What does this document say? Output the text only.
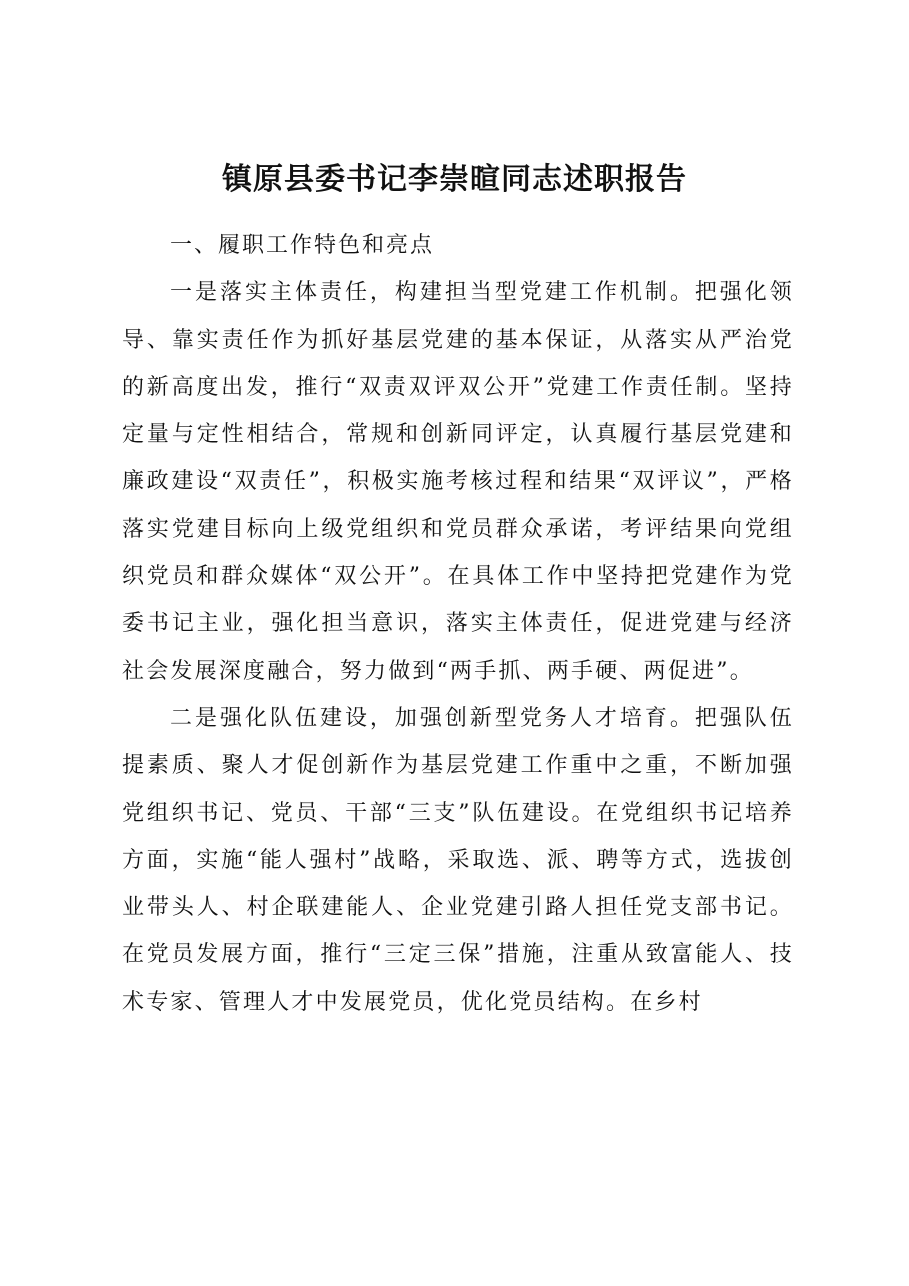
镇原县委书记李崇暄同志述职报告

一、履职工作特色和亮点

一是落实主体责任，构建担当型党建工作机制。把强化领导、靠实责任作为抓好基层党建的基本保证，从落实从严治党的新高度出发，推行“双责双评双公开”党建工作责任制。坚持定量与定性相结合，常规和创新同评定，认真履行基层党建和廉政建设“双责任”，积极实施考核过程和结果“双评议”，严格落实党建目标向上级党组织和党员群众承诺，考评结果向党组织党员和群众媒体“双公开”。在具体工作中坚持把党建作为党委书记主业，强化担当意识，落实主体责任，促进党建与经济社会发展深度融合，努力做到“两手抓、两手硬、两促进”。

二是强化队伍建设，加强创新型党务人才培育。把强队伍提素质、聚人才促创新作为基层党建工作重中之重，不断加强党组织书记、党员、干部“三支”队伍建设。在党组织书记培养方面，实施“能人强村”战略，采取选、派、聘等方式，选拔创业带头人、村企联建能人、企业党建引路人担任党支部书记。在党员发展方面，推行“三定三保”措施，注重从致富能人、技术专家、管理人才中发展党员，优化党员结构。在乡村
